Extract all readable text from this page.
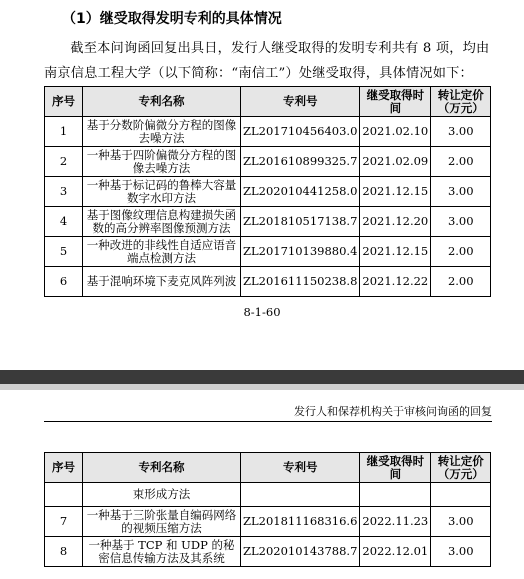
（1）继受取得发明专利的具体情况
截至本问询函回复出具日，发行人继受取得的发明专利共有 8 项，均由南京信息工程大学（以下简称：“南信工”）处继受取得，具体情况如下：
序号	专利名称	专利号	继受取得时间	转让定价（万元）
1	基于分数阶偏微分方程的图像去噪方法	ZL201710456403.0	2021.02.10	3.00
2	一种基于四阶偏微分方程的图像去噪方法	ZL201610899325.7	2021.02.09	2.00
3	一种基于标记码的鲁棒大容量数字水印方法	ZL202010441258.0	2021.12.15	3.00
4	基于图像纹理信息构建损失函数的高分辨率图像预测方法	ZL201810517138.7	2021.12.20	3.00
5	一种改进的非线性自适应语音端点检测方法	ZL201710139880.4	2021.12.15	2.00
6	基于混响环境下麦克风阵列波	ZL201611150238.8	2021.12.22	2.00
8-1-60
发行人和保荐机构关于审核问询函的回复
序号	专利名称	专利号	继受取得时间	转让定价（万元）
	束形成方法			
7	一种基于三阶张量自编码网络的视频压缩方法	ZL201811168316.6	2022.11.23	3.00
8	一种基于 TCP 和 UDP 的秘密信息传输方法及其系统	ZL202010143788.7	2022.12.01	3.00
